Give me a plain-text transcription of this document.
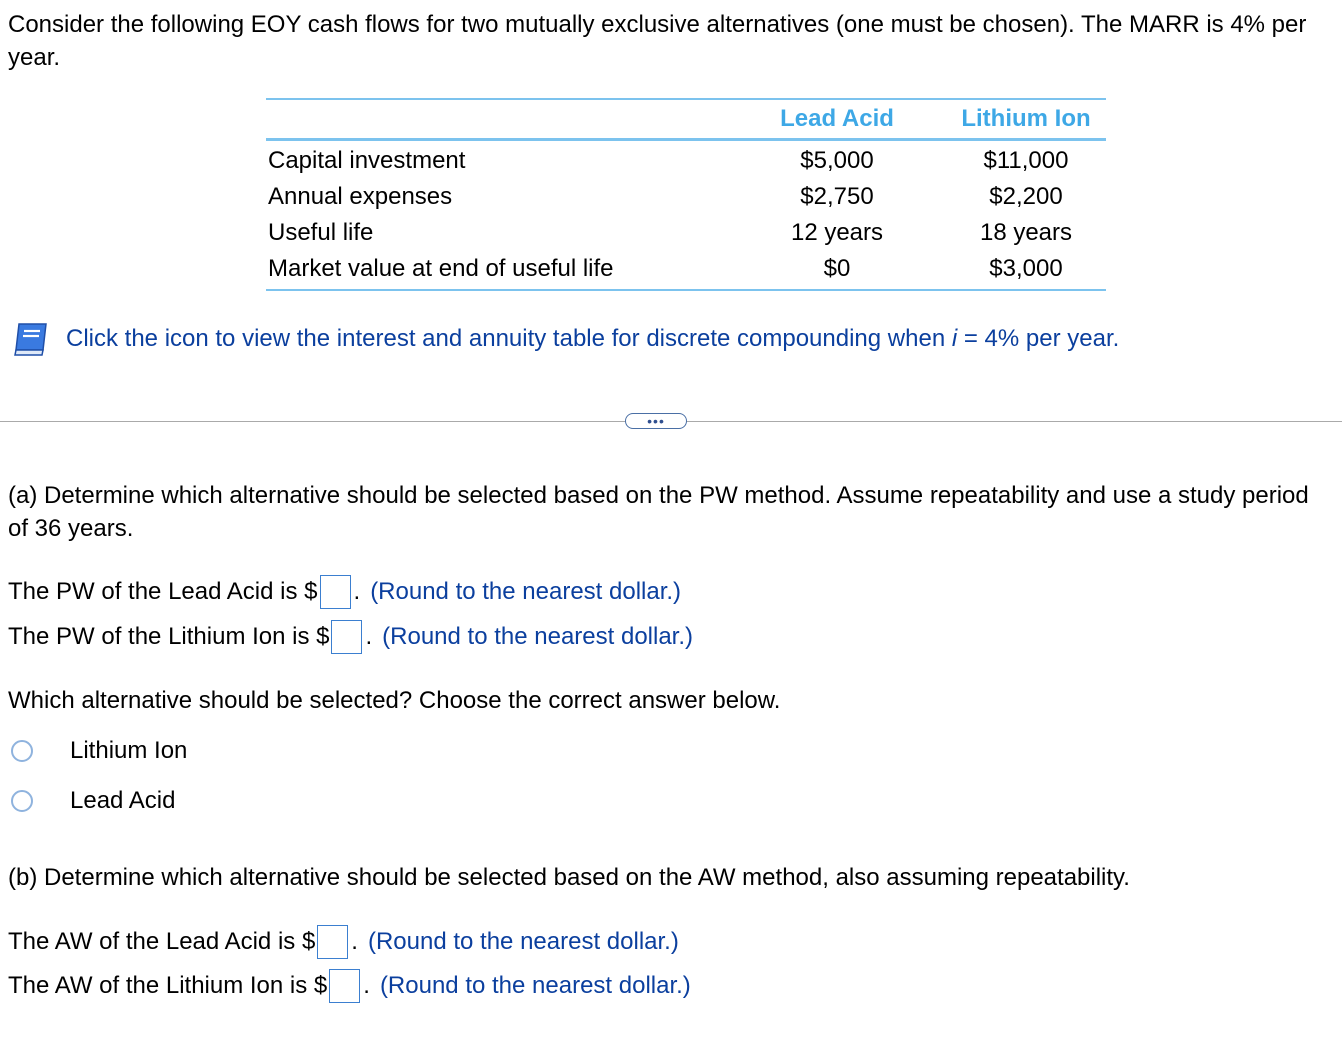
Consider the following EOY cash flows for two mutually exclusive alternatives (one must be chosen). The MARR is 4% per year.
	Lead Acid	Lithium Ion
Capital investment	$5,000	$11,000
Annual expenses	$2,750	$2,200
Useful life	12 years	18 years
Market value at end of useful life	$0	$3,000
Click the icon to view the interest and annuity table for discrete compounding when i = 4% per year.
•••
(a) Determine which alternative should be selected based on the PW method. Assume repeatability and use a study period of 36 years.
The PW of the Lead Acid is $ . (Round to the nearest dollar.)
The PW of the Lithium Ion is $ . (Round to the nearest dollar.)
Which alternative should be selected? Choose the correct answer below.
Lithium Ion
Lead Acid
(b) Determine which alternative should be selected based on the AW method, also assuming repeatability.
The AW of the Lead Acid is $ . (Round to the nearest dollar.)
The AW of the Lithium Ion is $ . (Round to the nearest dollar.)
